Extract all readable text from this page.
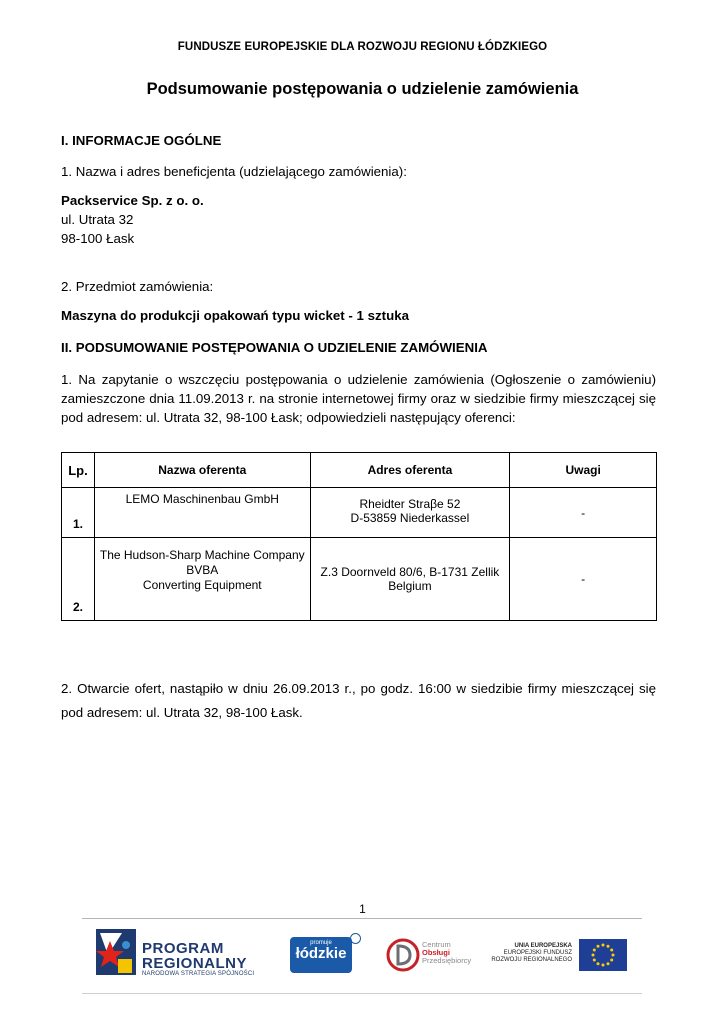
FUNDUSZE EUROPEJSKIE DLA ROZWOJU REGIONU ŁÓDZKIEGO
Podsumowanie postępowania o udzielenie zamówienia
I. INFORMACJE OGÓLNE
1. Nazwa i adres beneficjenta (udzielającego zamówienia):
Packservice Sp. z o. o.
ul. Utrata 32
98-100 Łask
2. Przedmiot zamówienia:
Maszyna do produkcji opakowań typu wicket - 1 sztuka
II. PODSUMOWANIE POSTĘPOWANIA O UDZIELENIE ZAMÓWIENIA
1. Na zapytanie o wszczęciu postępowania o udzielenie zamówienia (Ogłoszenie o zamówieniu) zamieszczone dnia 11.09.2013 r. na stronie internetowej firmy oraz w siedzibie firmy mieszczącej się pod adresem: ul. Utrata 32, 98-100 Łask; odpowiedzieli następujący oferenci:
Lp.	Nazwa oferenta	Adres oferenta	Uwagi
1.	LEMO Maschinenbau GmbH	Rheidter Straβe 52
D-53859 Niederkassel	-
2.	The Hudson-Sharp Machine Company
BVBA
Converting Equipment	Z.3 Doornveld 80/6, B-1731 Zellik
Belgium	-
2. Otwarcie ofert, nastąpiło w dniu 26.09.2013 r., po godz. 16:00 w siedzibie firmy mieszczącej się pod adresem: ul. Utrata 32, 98-100 Łask.
1
PROGRAM
REGIONALNY
NARODOWA STRATEGIA SPÓJNOŚCI
promuje
łódzkie
Centrum
Obsługi
Przedsiębiorcy
UNIA EUROPEJSKA
EUROPEJSKI FUNDUSZ
ROZWOJU REGIONALNEGO
